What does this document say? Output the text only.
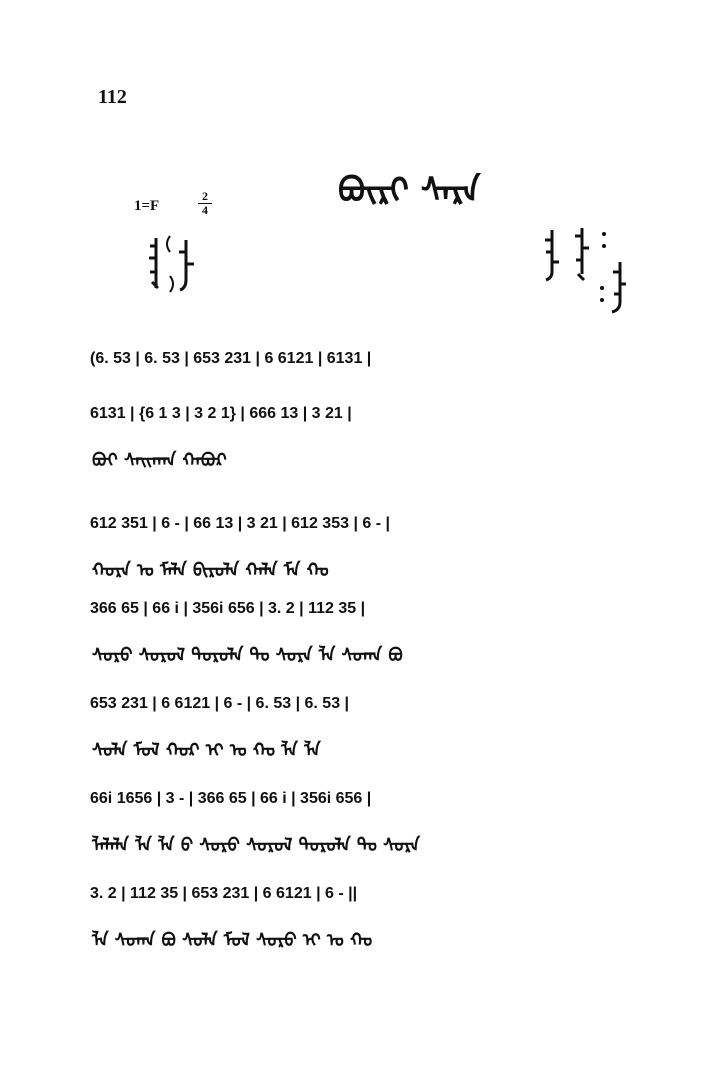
112
ᠪᠦᠷᠢ ᠰᠠᠷᠠ
1=F	$\frac{2}{4}$
(6. 53 | 6. 53 | 653 231 | 6 6121 | 6131 |
6131 | {6 1 3 | 3 2 1} | 666 13 | 3 21 |
ᠪᠤᠶ ᠰᠠᠢᠬᠠᠨ ᠬᠠᠪᠤᠷ
612 351 | 6 - | 66 13 | 3 21 | 612 353 | 6 - |
ᠬᠤᠷᠠ ᠣ ᠮᠠᠯᠠ ᠪᠢᠷᠤᠯᠠ ᠬᠠᠯᠠ ᠮᠠ ᠬᠤ
366 65 | 66 i | 356i 656 | 3. 2 | 112 35 |
ᠰᠤᠷᠤ ᠰᠤᠷᠤᠯ ᠲᠤᠷᠤᠯᠠ ᠲᠤ ᠰᠤᠷᠠ ᠯᠠ ᠰᠤᠬᠠ ᠪᠣ
653 231 | 6 6121 | 6 - | 6. 53 | 6. 53 |
ᠰᠤᠯᠠ ᠮᠤᠯ ᠬᠣᠷ ᠢ ᠣ ᠬᠤ ᠯᠠ ᠯᠠ
66i 1656 | 3 - | 366 65 | 66 i | 356i 656 |
ᠯᠠᠯᠠᠯᠠ ᠯᠠ ᠯᠠ ᠪ ᠰᠤᠷᠤ ᠰᠤᠷᠤᠯ ᠲᠤᠷᠤᠯᠠ ᠲᠤ ᠰᠤᠷᠠ
3. 2 | 112 35 | 653 231 | 6 6121 | 6 - ||
ᠯᠠ ᠰᠤᠬᠠ ᠪᠣ ᠰᠤᠯᠠ ᠮᠤᠯ ᠰᠤᠷᠤ ᠢ ᠣ ᠬᠤ
